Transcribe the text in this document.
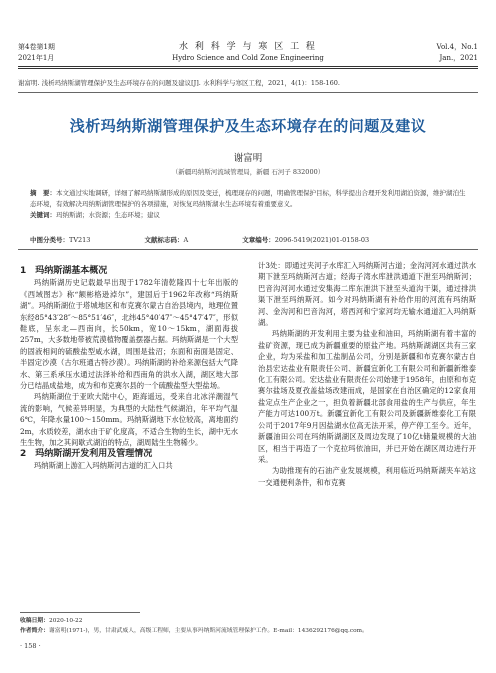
第4卷第1期
2021年1月
水 利 科 学 与 寒 区 工 程
Hydro Science and Cold Zone Engineering
Vol.4，No.1
Jan.，2021
谢富明. 浅析玛纳斯湖管理保护及生态环境存在的问题及建议[J]. 水利科学与寒区工程，2021，4(1)：158-160.
浅析玛纳斯湖管理保护及生态环境存在的问题及建议
谢富明
（新疆玛纳斯河流域管理局，新疆 石河子 832000）
摘　要：本文通过实地调研，详细了解玛纳斯湖形成的原因及变迁，梳理现存的问题，明确管理保护目标，科学提出合理开发利用湖泊资源，维护湖泊生态环境，有效解决玛纳斯湖管理保护的各项措施，对恢复玛纳斯湖水生态环境有着重要意义。
关键词：玛纳斯湖；水资源；生态环境；建议
中图分类号：TV213	文献标志码：A	文章编号：2096-5419(2021)01-0158-03

1　玛纳斯湖基本概况

玛纳斯湖历史记载最早出现于1782年清乾隆四十七年出版的《西域图志》称“额彬格逊淖尔”，建国后于1962年改称“玛纳斯湖”。玛纳斯湖位于塔城地区和布克赛尔蒙古自治县境内，地理位置东经85°43′28″～85°51′46″，北纬45°40′47″～45°47′47″，形似鞋底，呈东北—西南向，长50km，宽10～15km，湖面海拔257m，大多数地带被荒漠植物覆盖摆器占据。玛纳斯湖是一个大型的固液相间的硫酸盐型咸水湖，周围是盐沼；东面和南面是固定、半固定沙漠（古尔班通古特沙漠）。玛纳斯湖的补给来源包括大气降水、第三系承压水通过法泽补给和西南角的洪水入湖，湖区地大部分已结晶成盐地，成为和布克赛尔县的一个硫酸盐型大型盐场。

玛纳斯湖位于亚欧大陆中心，距海遥远，受来自北冰洋潮湿气流的影响，气候差异明显，为典型的大陆性气候湖泊，年平均气温6℃，年降水量100～150mm。玛纳斯湖地下水位较高，离地面约2m，水质较差，湖水由于矿化度高，不适合生物的生长，湖中无水生生物，加之其间歇式湖泊的特点，湖周陆生生物稀少。

2　玛纳斯湖开发利用及管理情况

玛纳斯湖上游汇入玛纳斯河古道的汇入口共

计3处：即通过夹河子水库汇入玛纳斯河古道；金沟河河水通过洪水期下泄至玛纳斯河古道；经海子湾水库泄洪通道下泄至玛纳斯河；巴音沟河河水通过安集海二库东泄洪下泄至头道沟干渠，通过排洪渠下泄至玛纳斯河。如今对玛纳斯湖有补给作用的河流有玛纳斯河、金沟河和巴音沟河，塔西河和宁家河均无输水通道汇入玛纳斯湖。

玛纳斯湖的开发利用主要为盐业和油田，玛纳斯湖有着丰富的盐矿资源，现已成为新疆重要的原盐产地。玛纳斯湖湖区共有三家企业，均为采盐和加工盐制品公司，分别是新疆和布克赛尔蒙古自治县宏达盐业有限责任公司、新疆宜新化工有限公司和新疆新维泰化工有限公司。宏达盐业有限责任公司始建于1958年，由原和布克赛尔盐场及夏孜盖盐场改建而成，是国家在自治区确定的12家食用盐定点生产企业之一，担负着新疆北部食用盐的生产与供应，年生产能力可达100万t。新疆宜新化工有限公司及新疆新维泰化工有限公司于2017年9月因盐湖水位高无法开采，停产停工至今。近年，新疆油田公司在玛纳斯湖湖区及周边发现了10亿t储量规模的大油区，相当于再造了一个克拉玛依油田，并已开始在湖区周边进行开采。

为助推现有的石油产业发展规模，利用临近玛纳斯湖夹车站这一交通便利条件，和布克赛

收稿日期：2020-10-22
作者简介：谢富明(1971-)，男，甘肃武威人，高级工程师，主要从事玛纳斯河流域管理保护工作。E-mail：1436292176@qq.com。
· 158 ·
